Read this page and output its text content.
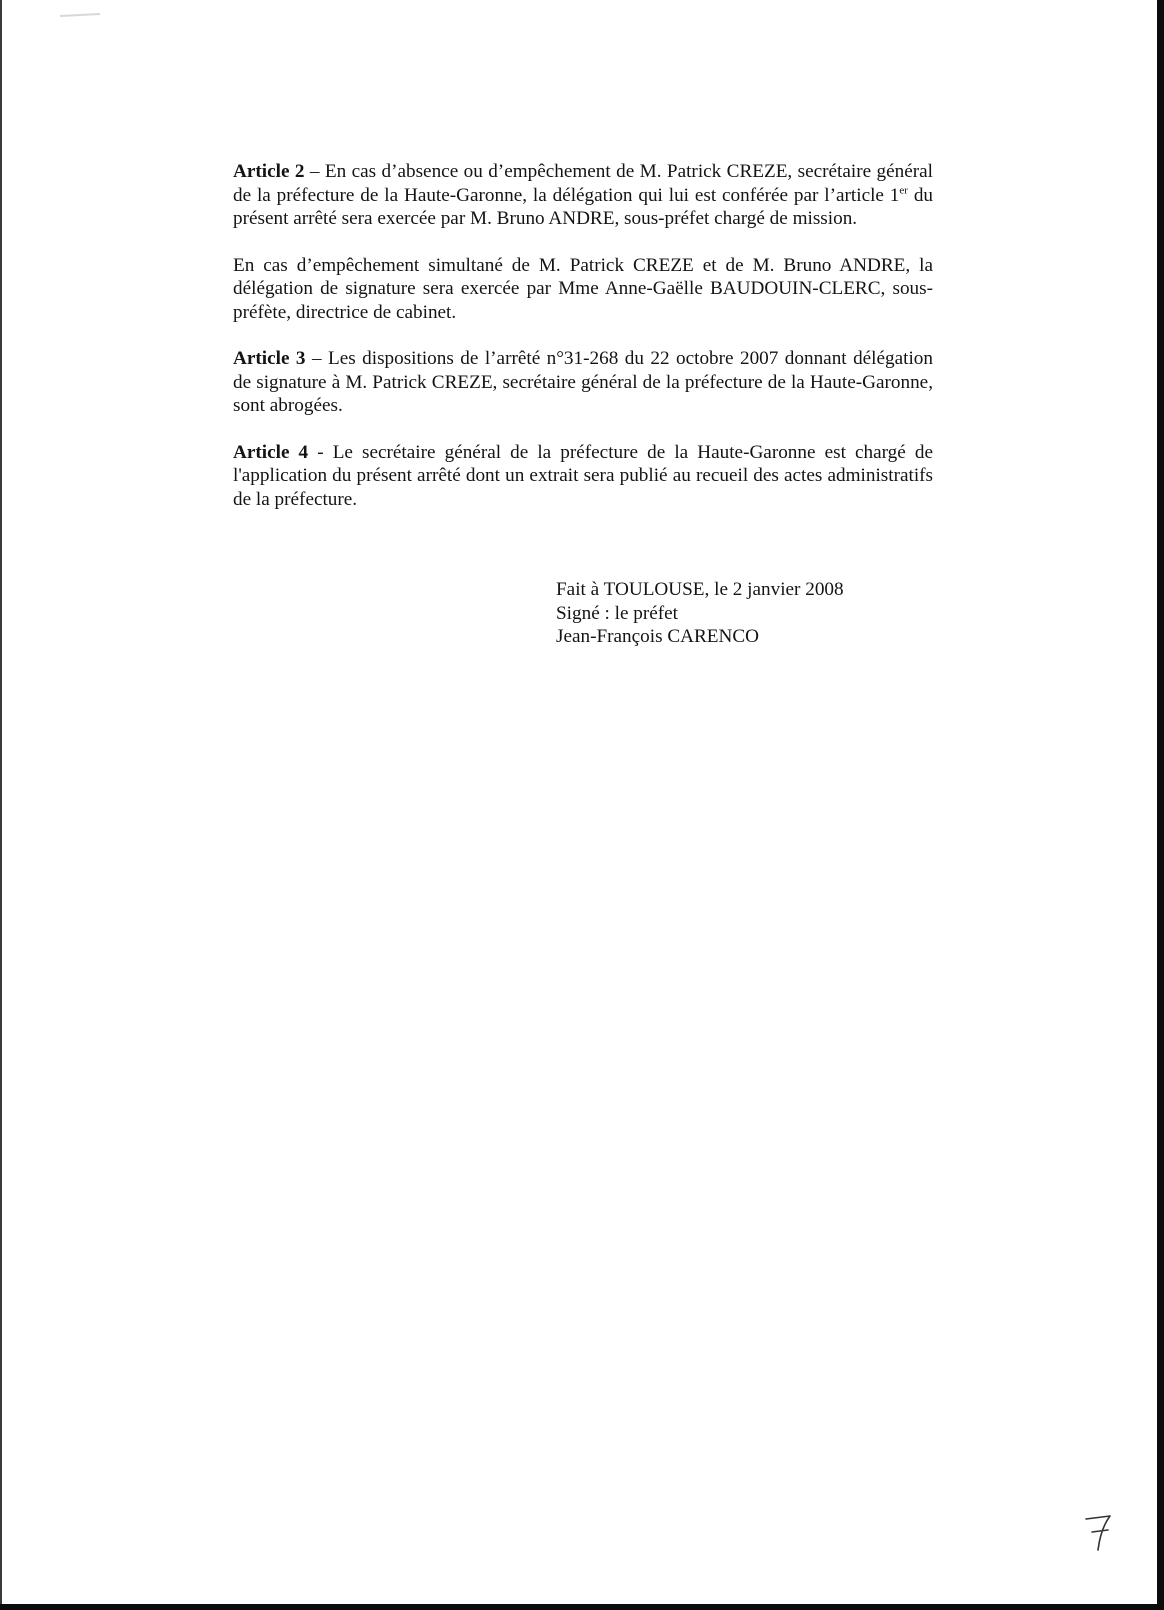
Article 2 – En cas d’absence ou d’empêchement de M. Patrick CREZE, secrétaire général de la préfecture de la Haute-Garonne, la délégation qui lui est conférée par l’article 1er du présent arrêté sera exercée par M. Bruno ANDRE, sous-préfet chargé de mission.

En cas d’empêchement simultané de M. Patrick CREZE et de M. Bruno ANDRE, la délégation de signature sera exercée par Mme Anne-Gaëlle BAUDOUIN-CLERC, sous-préfète, directrice de cabinet.

Article 3 – Les dispositions de l’arrêté n°31-268 du 22 octobre 2007 donnant délégation de signature à M. Patrick CREZE, secrétaire général de la préfecture de la Haute-Garonne, sont abrogées.

Article 4 - Le secrétaire général de la préfecture de la Haute-Garonne est chargé de l'application du présent arrêté dont un extrait sera publié au recueil des actes administratifs de la préfecture.

Fait à TOULOUSE, le 2 janvier 2008
Signé : le préfet
Jean-François CARENCO
